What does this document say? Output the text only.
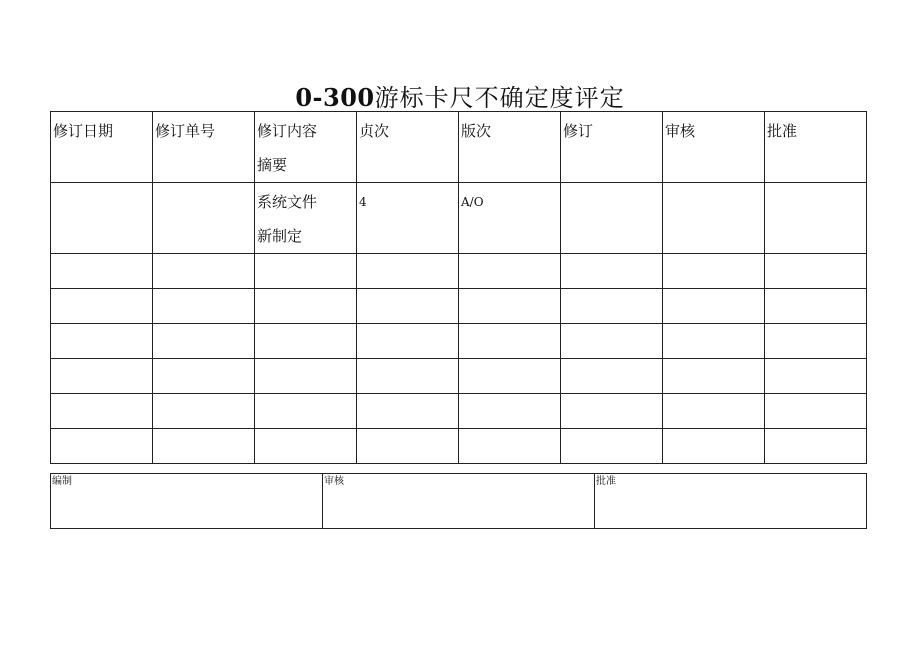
0-300游标卡尺不确定度评定
修订日期	修订单号	修订内容摘要	贞次	版次	修订	审核	批准

		系统文件新制定	4	A/O			

编制	审核	批准
